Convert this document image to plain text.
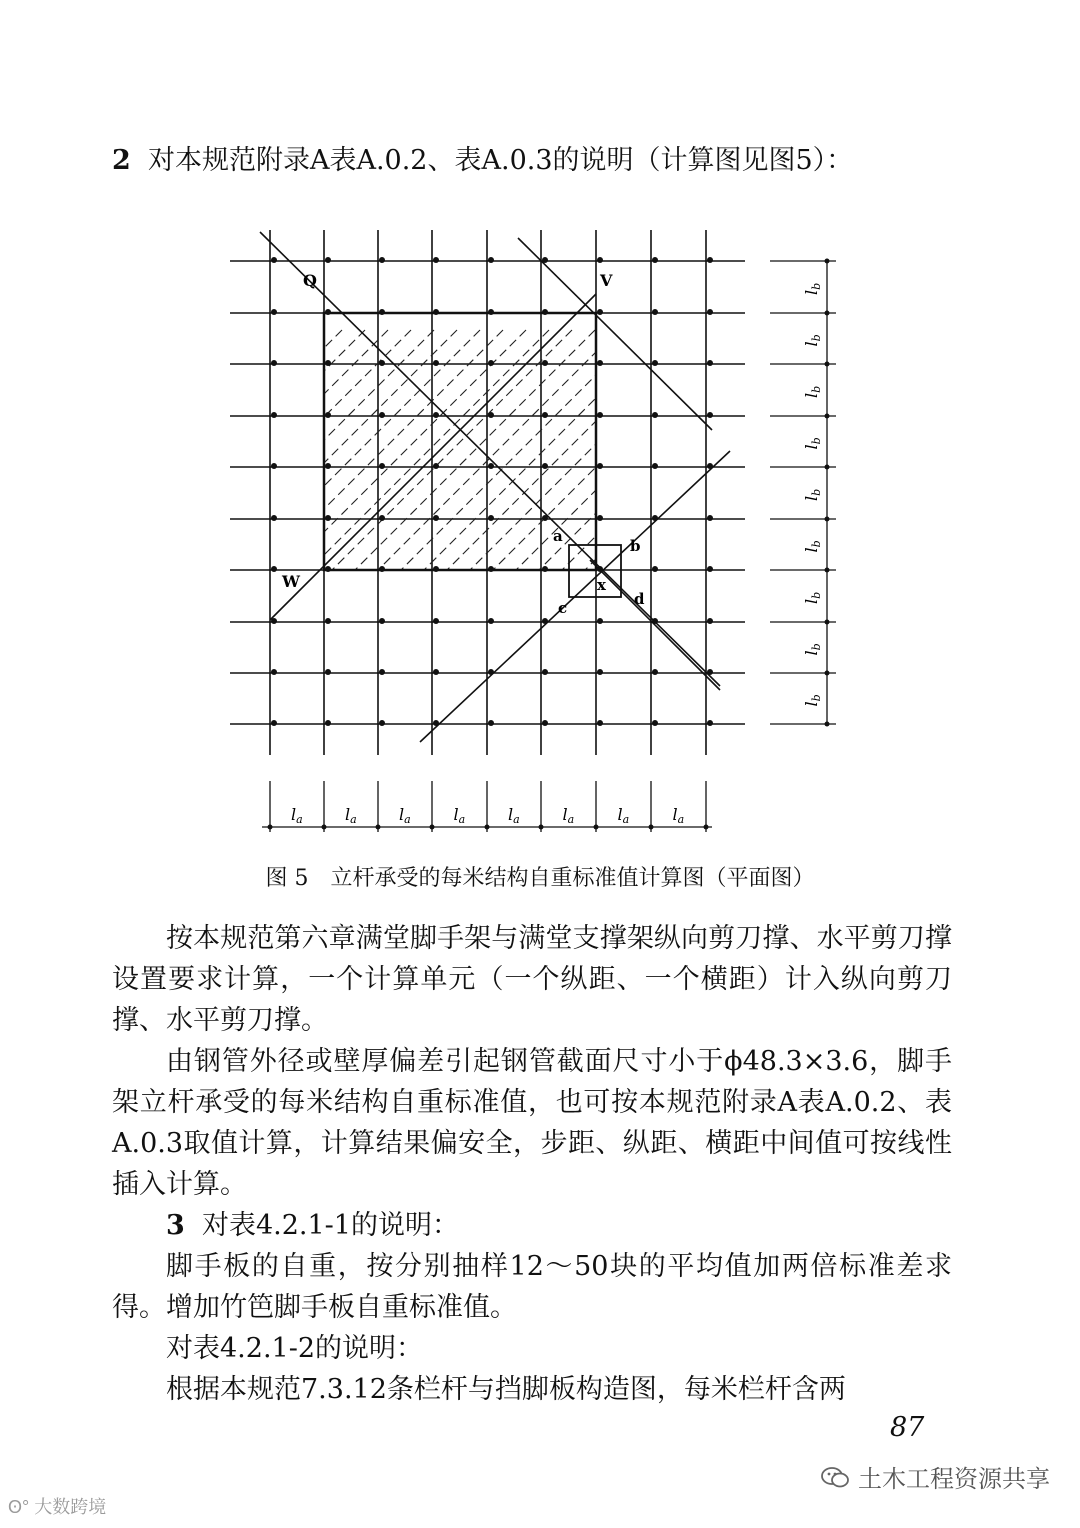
2 对本规范附录A表A.0.2、表A.0.3的说明（计算图见图5）：

lb
lb
lb
lb
lb
lb
lb
lb
lb
la	la	la	la	la	la	la	la
Q	V
W
a
b
c	d
x
图 5　立杆承受的每米结构自重标准值计算图（平面图）

按本规范第六章满堂脚手架与满堂支撑架纵向剪刀撑、水平剪刀撑设置要求计算，一个计算单元（一个纵距、一个横距）计入纵向剪刀撑、水平剪刀撑。

由钢管外径或壁厚偏差引起钢管截面尺寸小于ϕ48.3×3.6，脚手架立杆承受的每米结构自重标准值，也可按本规范附录A表A.0.2、表A.0.3取值计算，计算结果偏安全，步距、纵距、横距中间值可按线性插入计算。

3 对表4.2.1-1的说明：

脚手板的自重，按分别抽样12～50块的平均值加两倍标准差求得。增加竹笆脚手板自重标准值。

对表4.2.1-2的说明：

根据本规范7.3.12条栏杆与挡脚板构造图，每米栏杆含两

87
土木工程资源共享
ʘ° 大数跨境
